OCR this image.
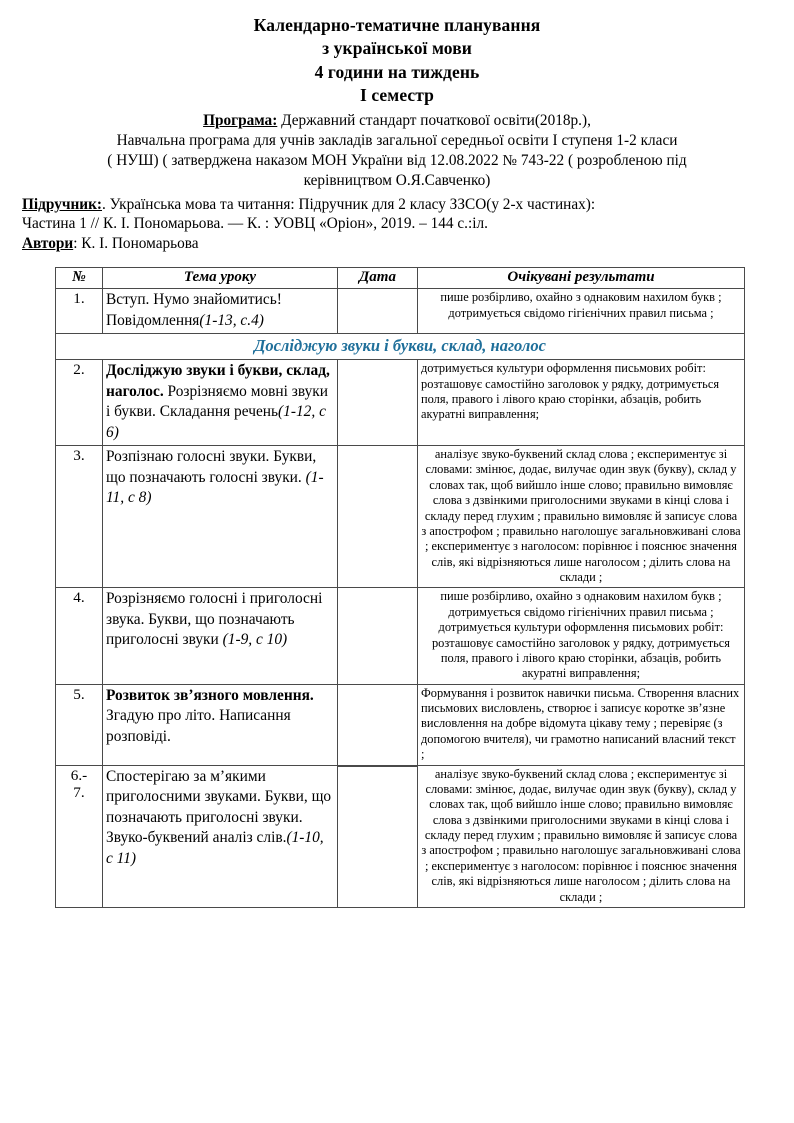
Календарно-тематичне планування
з української мови
4 години на тиждень
I семестр
Програма: Державний стандарт початкової освіти(2018р.),
Навчальна програма для учнів закладів загальної середньої освіти I ступеня 1-2 класи
( НУШ) ( затверджена наказом МОН України від 12.08.2022 № 743-22 ( розробленою під
керівництвом О.Я.Савченко)
Підручник:. Українська мова та читання: Підручник для 2 класу ЗЗСО(у 2-х частинах):
Частина 1 // К. І. Пономарьова. — К. : УОВЦ «Оріон», 2019. – 144 с.:іл.
Автори: К. І. Пономарьова
№	Тема уроку	Дата	Очікувані результати
1.	Вступ. Нумо знайомитись! Повідомлення(1-13, с.4)		пише розбірливо, охайно з однаковим нахилом букв ; дотримується свідомо гігієнічних правил письма ;
Досліджую звуки і букви, склад, наголос			
2.	Досліджую звуки і букви, склад, наголос. Розрізняємо мовні звуки і букви. Складання речень(1-12, с 6)		дотримується культури оформлення письмових робіт: розташовує самостійно заголовок у рядку, дотримується поля, правого і лівого краю сторінки, абзаців, робить акуратні виправлення;
3.	Розпізнаю голосні звуки. Букви, що позначають голосні звуки. (1-11, с 8)		аналізує звуко-буквений склад слова ; експериментує зі словами: змінює, додає, вилучає один звук (букву), склад у словах так, щоб вийшло інше слово; правильно вимовляє слова з дзвінкими приголосними звуками в кінці слова і складу перед глухим ; правильно вимовляє й записує слова з апострофом ; правильно наголошує загальновживані слова ; експериментує з наголосом: порівнює і пояснює значення слів, які відрізняються лише наголосом ; ділить слова на склади ;
4.	Розрізняємо голосні і приголосні звука. Букви, що позначають приголосні звуки (1-9, с 10)		пише розбірливо, охайно з однаковим нахилом букв ; дотримується свідомо гігієнічних правил письма ; дотримується культури оформлення письмових робіт: розташовує самостійно заголовок у рядку, дотримується поля, правого і лівого краю сторінки, абзаців, робить акуратні виправлення;
5.	Розвиток зв’язного мовлення. Згадую про літо. Написання розповіді.		Формування і розвиток навички письма. Створення власних письмових висловлень, створює і записує коротке зв’язне висловлення на добре відомута цікаву тему ; перевіряє (з допомогою вчителя), чи грамотно написаний власний текст ;

6.-
7.	Спостерігаю за м’якими приголосними звуками. Букви, що позначають приголосні звуки. Звуко-буквений аналіз слів.(1-10, с 11)		аналізує звуко-буквений склад слова ; експериментує зі словами: змінює, додає, вилучає один звук (букву), склад у словах так, щоб вийшло інше слово; правильно вимовляє слова з дзвінкими приголосними звуками в кінці слова і складу перед глухим ; правильно вимовляє й записує слова з апострофом ; правильно наголошує загальновживані слова ; експериментує з наголосом: порівнює і пояснює значення слів, які відрізняються лише наголосом ; ділить слова на склади ;
